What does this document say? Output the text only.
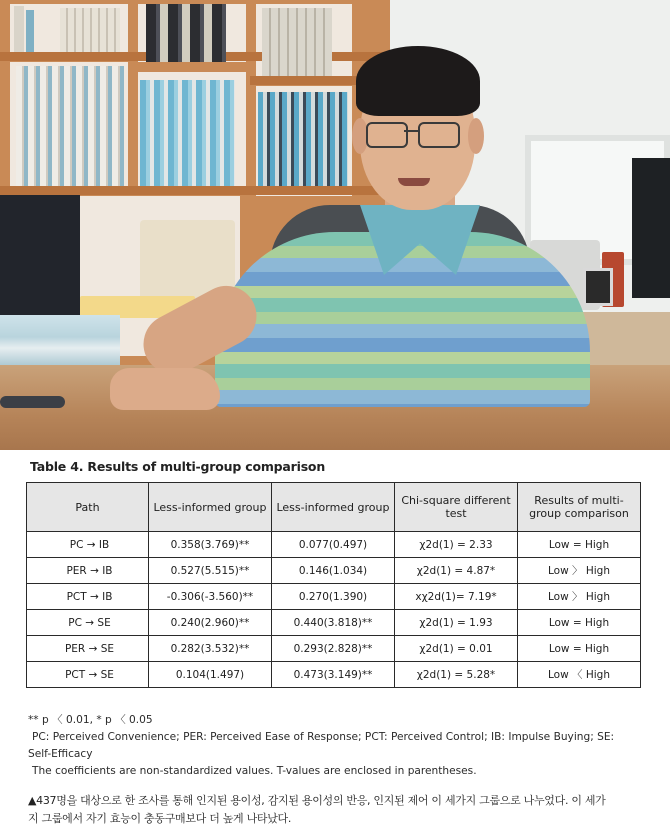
Table 4. Results of multi-group comparison
Path	Less-informed group	Less-informed group	Chi-square different test	Results of multi-group comparison
PC → IB	0.358(3.769)**	0.077(0.497)	χ2d(1) = 2.33	Low = High
PER → IB	0.527(5.515)**	0.146(1.034)	χ2d(1) = 4.87*	Low 〉 High
PCT → IB	-0.306(-3.560)**	0.270(1.390)	xχ2d(1)= 7.19*	Low 〉 High
PC → SE	0.240(2.960)**	0.440(3.818)**	χ2d(1) = 1.93	Low = High
PER → SE	0.282(3.532)**	0.293(2.828)**	χ2d(1) = 0.01	Low = High
PCT → SE	0.104(1.497)	0.473(3.149)**	χ2d(1) = 5.28*	Low 〈 High
** p 〈 0.01, * p 〈 0.05
PC: Perceived Convenience; PER: Perceived Ease of Response; PCT: Perceived Control; IB: Impulse Buying; SE:
Self-Efficacy
The coefficients are non-standardized values. T-values are enclosed in parentheses.
▲437명을 대상으로 한 조사를 통해 인지된 용이성, 감지된 용이성의 반응, 인지된 제어 이 세가지 그룹으로 나누었다. 이 세가
지 그룹에서 자기 효능이 충동구매보다 더 높게 나타났다.
